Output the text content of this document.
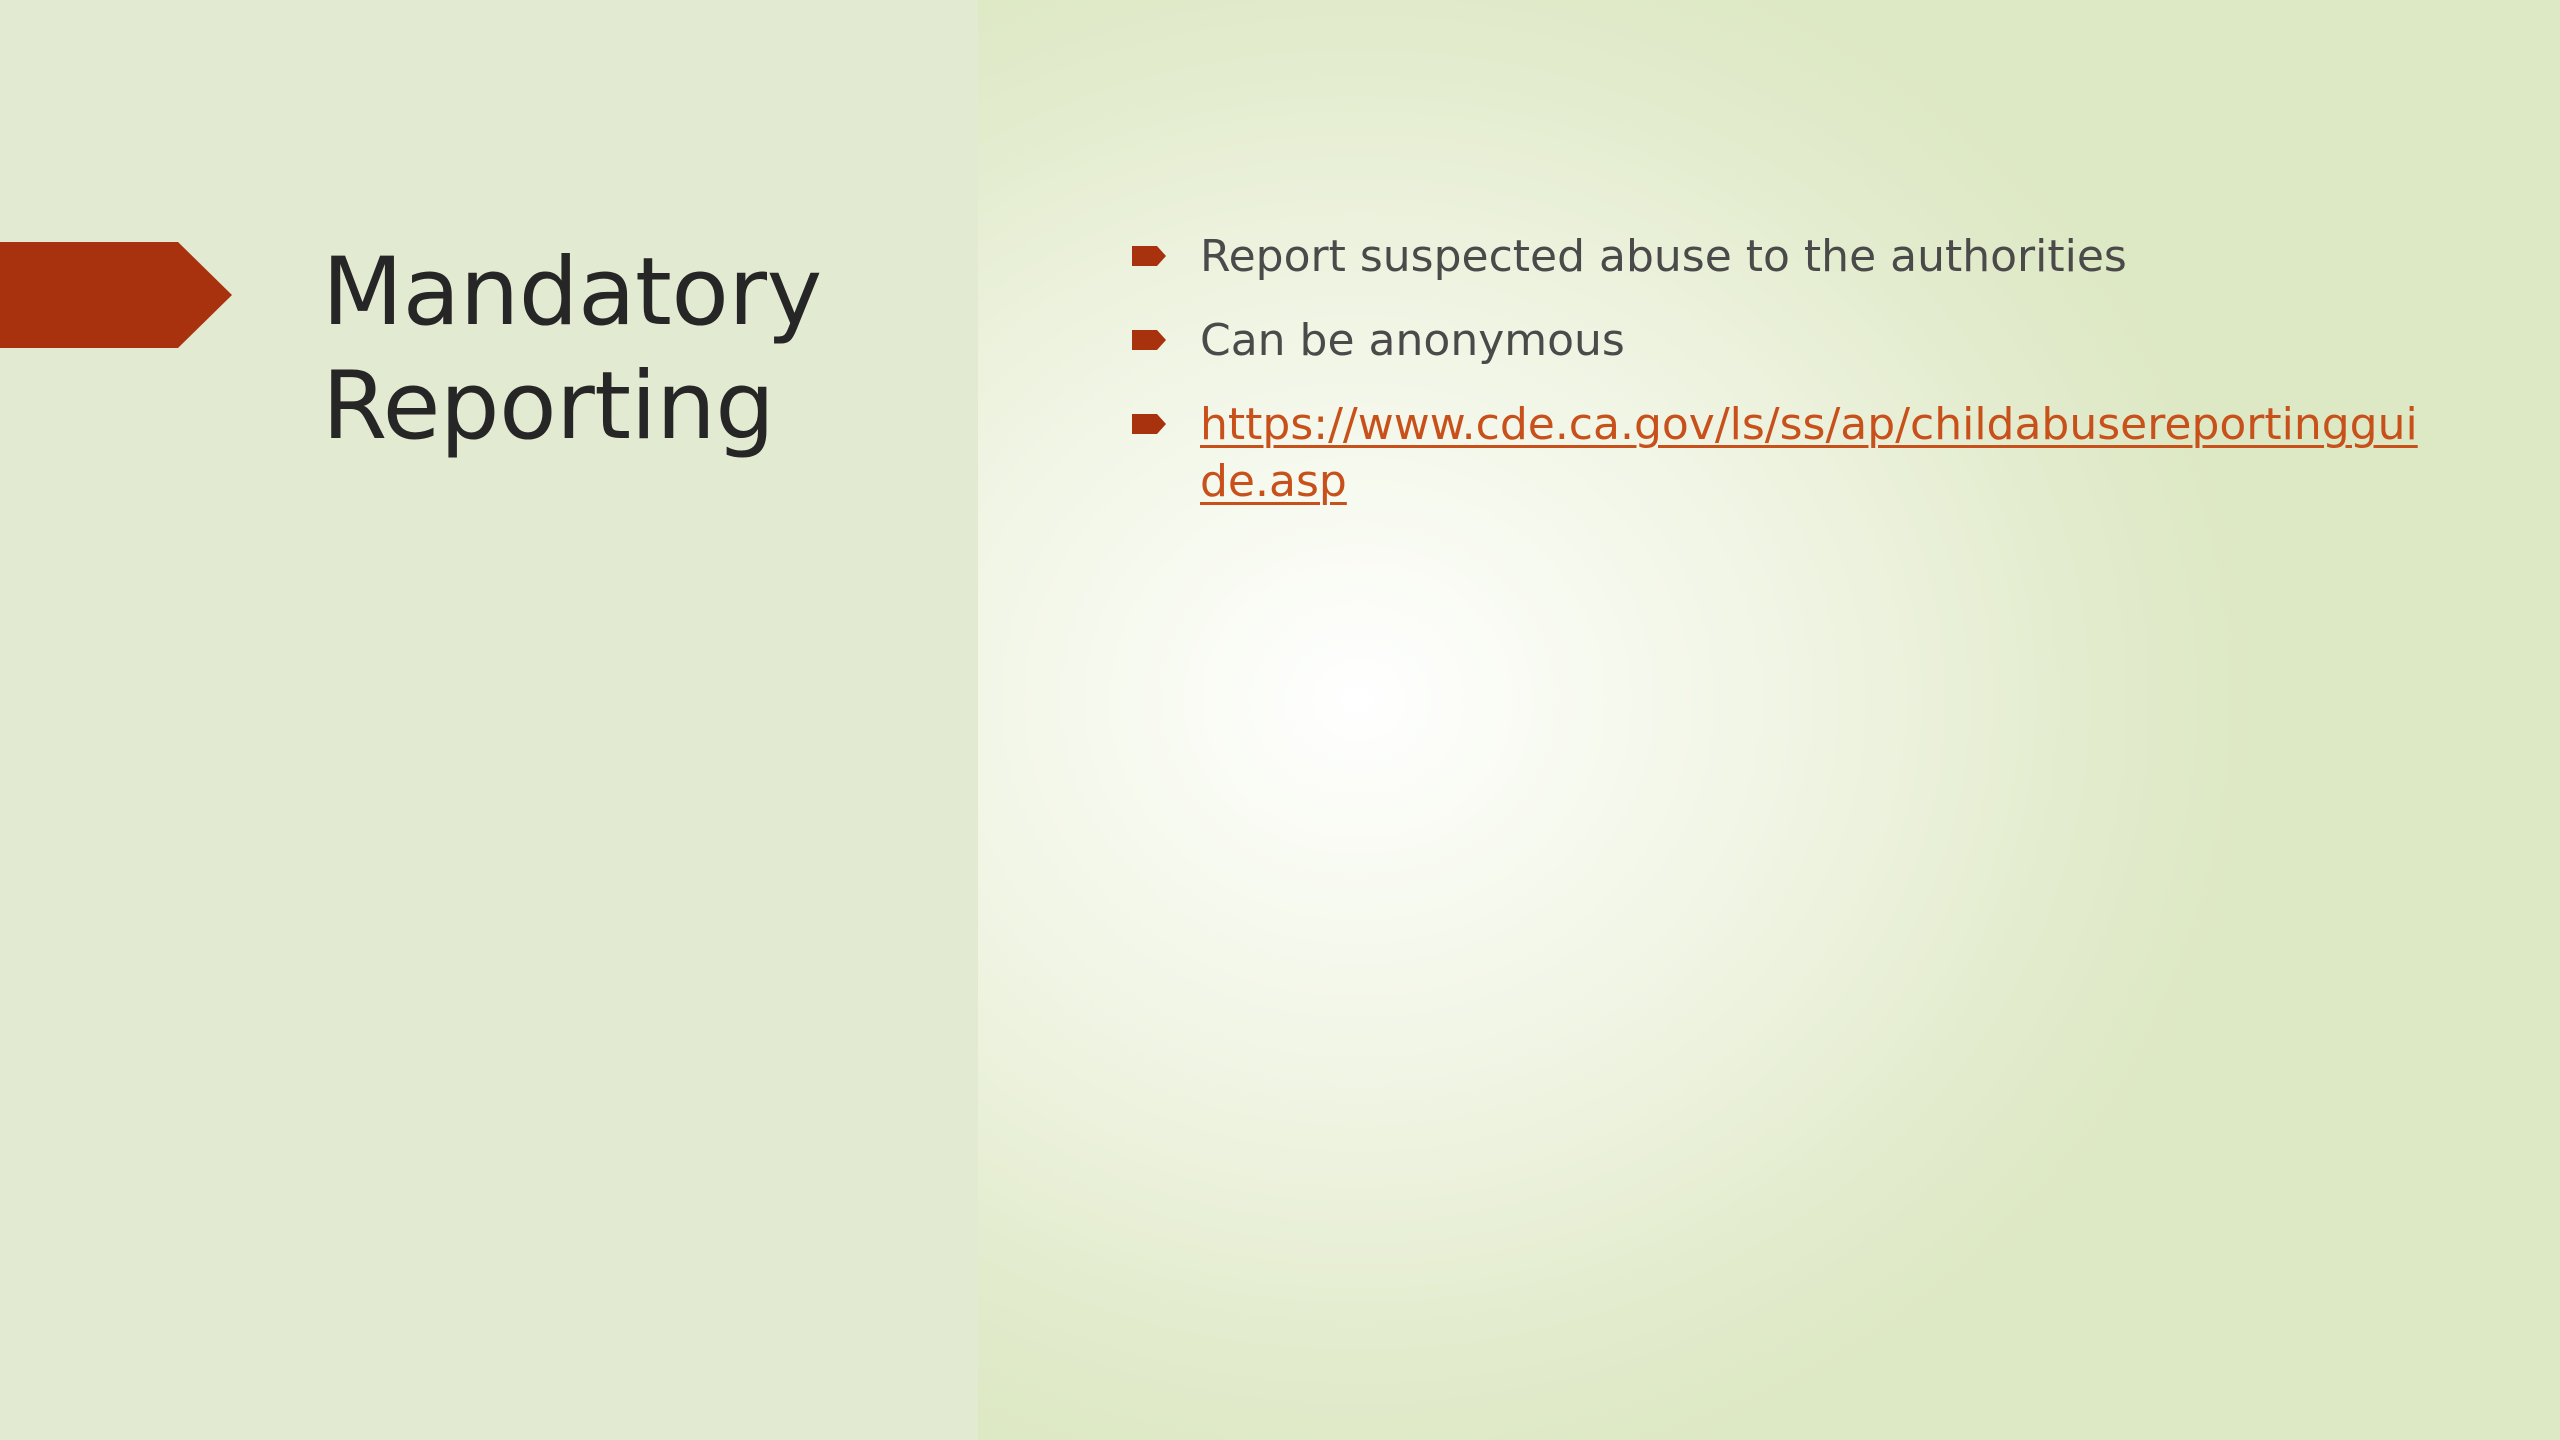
Mandatory
Reporting
Report suspected abuse to the authorities
Can be anonymous
https://www.cde.ca.gov/ls/ss/ap/childabusereportingguide.asp
